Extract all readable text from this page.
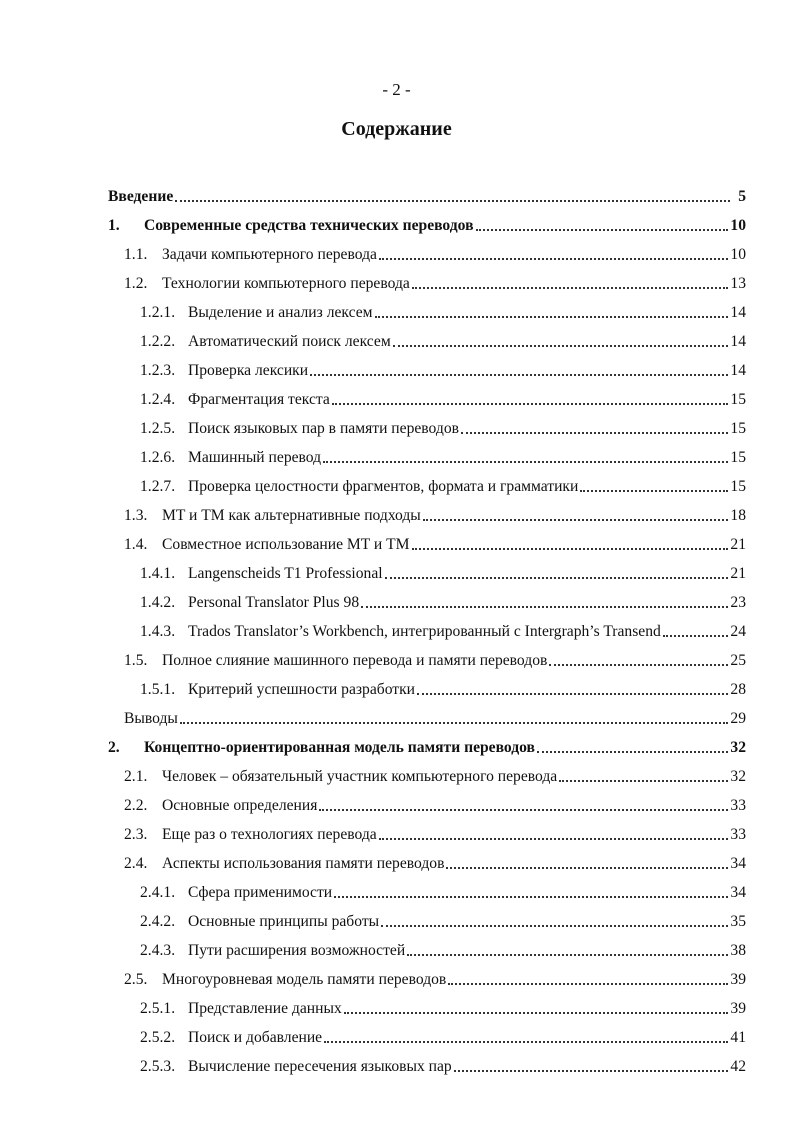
- 2 -
Содержание
Введение	5
1.	Современные средства технических переводов	10
1.1. Задачи компьютерного перевода	10
1.2. Технологии компьютерного перевода	13
1.2.1. Выделение и анализ лексем	14
1.2.2. Автоматический поиск лексем	14
1.2.3. Проверка лексики	14
1.2.4. Фрагментация текста	15
1.2.5. Поиск языковых пар в памяти переводов	15
1.2.6. Машинный перевод	15
1.2.7. Проверка целостности фрагментов, формата и грамматики	15
1.3. MT и TM как альтернативные подходы	18
1.4. Совместное использование MT и TM	21
1.4.1. Langenscheids T1 Professional	21
1.4.2. Personal Translator Plus 98	23
1.4.3. Trados Translator’s Workbench, интегрированный с Intergraph’s Transend	24
1.5. Полное слияние машинного перевода и памяти переводов	25
1.5.1. Критерий успешности разработки	28
Выводы	29
2.	Концептно-ориентированная модель памяти переводов	32
2.1. Человек – обязательный участник компьютерного перевода	32
2.2. Основные определения	33
2.3. Еще раз о технологиях перевода	33
2.4. Аспекты использования памяти переводов	34
2.4.1. Сфера применимости	34
2.4.2. Основные принципы работы	35
2.4.3. Пути расширения возможностей	38
2.5. Многоуровневая модель памяти переводов	39
2.5.1. Представление данных	39
2.5.2. Поиск и добавление	41
2.5.3. Вычисление пересечения языковых пар	42
